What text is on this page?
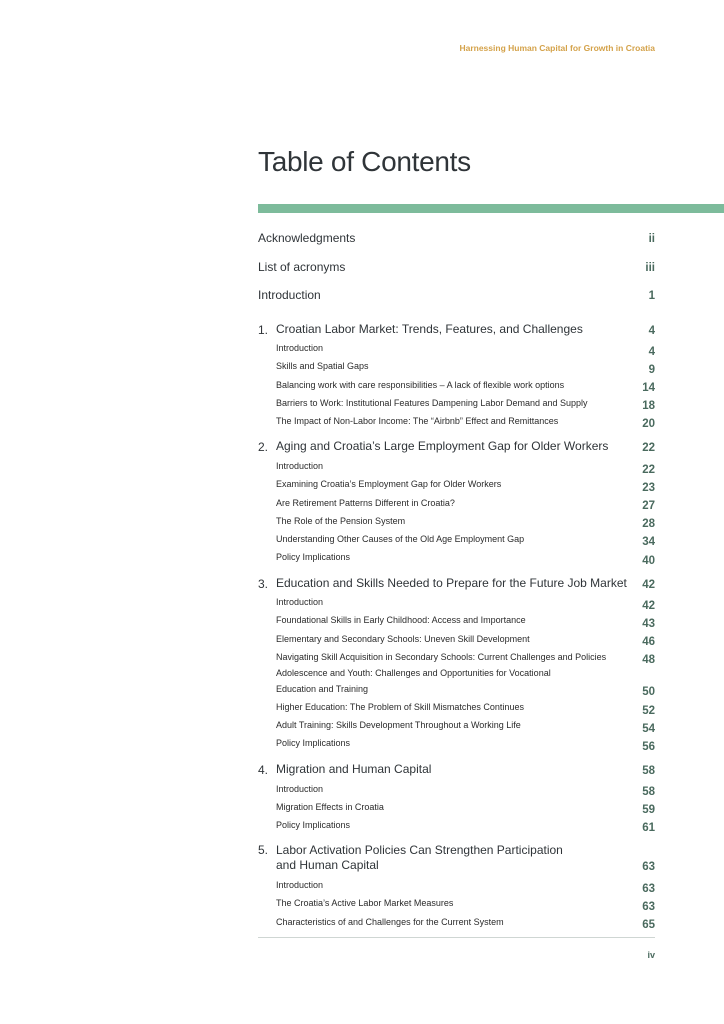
Harnessing Human Capital for Growth in Croatia
Table of Contents
Acknowledgments	ii
List of acronyms	iii
Introduction	1
1. Croatian Labor Market: Trends, Features, and Challenges	4
Introduction	4
Skills and Spatial Gaps	9
Balancing work with care responsibilities – A lack of flexible work options	14
Barriers to Work: Institutional Features Dampening Labor Demand and Supply	18
The Impact of Non-Labor Income: The “Airbnb” Effect and Remittances	20
2. Aging and Croatia’s Large Employment Gap for Older Workers	22
Introduction	22
Examining Croatia’s Employment Gap for Older Workers	23
Are Retirement Patterns Different in Croatia?	27
The Role of the Pension System	28
Understanding Other Causes of the Old Age Employment Gap	34
Policy Implications	40
3. Education and Skills Needed to Prepare for the Future Job Market	42
Introduction	42
Foundational Skills in Early Childhood: Access and Importance	43
Elementary and Secondary Schools: Uneven Skill Development	46
Navigating Skill Acquisition in Secondary Schools: Current Challenges and Policies	48
Adolescence and Youth: Challenges and Opportunities for Vocational Education and Training	50
Higher Education: The Problem of Skill Mismatches Continues	52
Adult Training: Skills Development Throughout a Working Life	54
Policy Implications	56
4. Migration and Human Capital	58
Introduction	58
Migration Effects in Croatia	59
Policy Implications	61
5. Labor Activation Policies Can Strengthen Participation and Human Capital	63
Introduction	63
The Croatia’s Active Labor Market Measures	63
Characteristics of and Challenges for the Current System	65
iv
